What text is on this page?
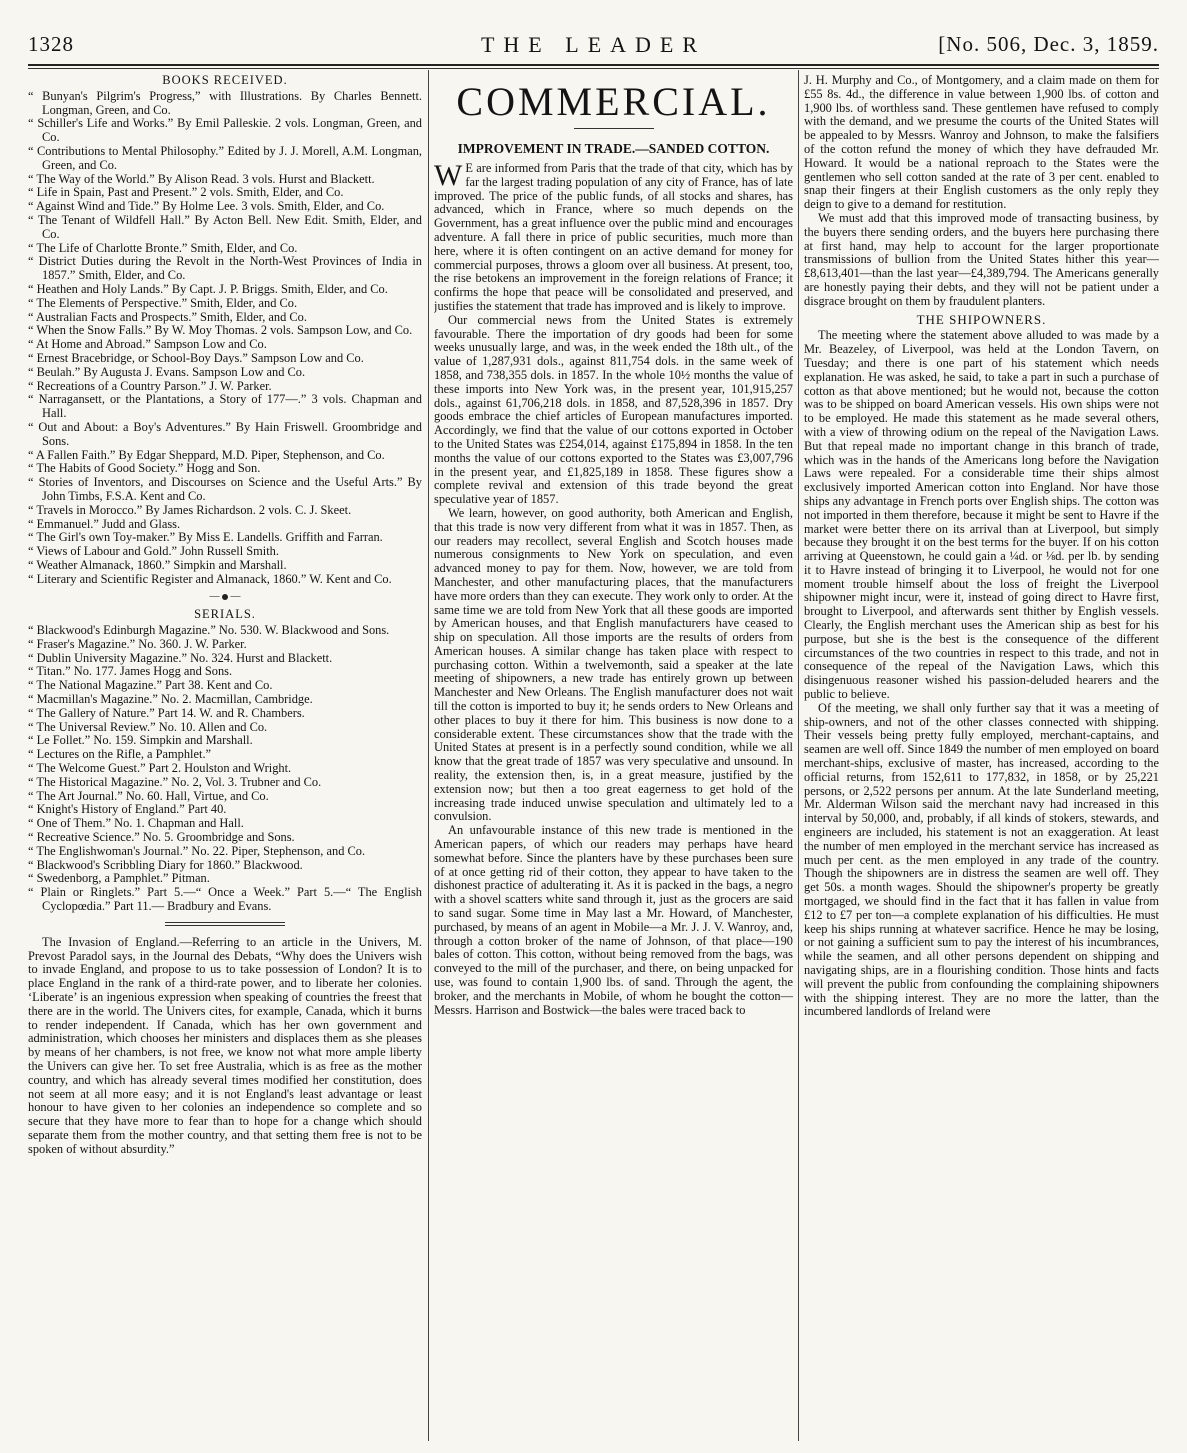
1328	THE LEADER	[No. 506, Dec. 3, 1859.
BOOKS RECEIVED.

“ Bunyan's Pilgrim's Progress,” with Illustrations. By Charles Bennett. Longman, Green, and Co.

“ Schiller's Life and Works.” By Emil Palleskie. 2 vols. Longman, Green, and Co.

“ Contributions to Mental Philosophy.” Edited by J. J. Morell, A.M. Longman, Green, and Co.

“ The Way of the World.” By Alison Read. 3 vols. Hurst and Blackett.

“ Life in Spain, Past and Present.” 2 vols. Smith, Elder, and Co.

“ Against Wind and Tide.” By Holme Lee. 3 vols. Smith, Elder, and Co.

“ The Tenant of Wildfell Hall.” By Acton Bell. New Edit. Smith, Elder, and Co.

“ The Life of Charlotte Bronte.” Smith, Elder, and Co.

“ District Duties during the Revolt in the North-West Provinces of India in 1857.” Smith, Elder, and Co.

“ Heathen and Holy Lands.” By Capt. J. P. Briggs. Smith, Elder, and Co.

“ The Elements of Perspective.” Smith, Elder, and Co.

“ Australian Facts and Prospects.” Smith, Elder, and Co.

“ When the Snow Falls.” By W. Moy Thomas. 2 vols. Sampson Low, and Co.

“ At Home and Abroad.” Sampson Low and Co.

“ Ernest Bracebridge, or School-Boy Days.” Sampson Low and Co.

“ Beulah.” By Augusta J. Evans. Sampson Low and Co.

“ Recreations of a Country Parson.” J. W. Parker.

“ Narragansett, or the Plantations, a Story of 177—.” 3 vols. Chapman and Hall.

“ Out and About: a Boy's Adventures.” By Hain Friswell. Groombridge and Sons.

“ A Fallen Faith.” By Edgar Sheppard, M.D. Piper, Stephenson, and Co.

“ The Habits of Good Society.” Hogg and Son.

“ Stories of Inventors, and Discourses on Science and the Useful Arts.” By John Timbs, F.S.A. Kent and Co.

“ Travels in Morocco.” By James Richardson. 2 vols. C. J. Skeet.

“ Emmanuel.” Judd and Glass.

“ The Girl's own Toy-maker.” By Miss E. Landells. Griffith and Farran.

“ Views of Labour and Gold.” John Russell Smith.

“ Weather Almanack, 1860.” Simpkin and Marshall.

“ Literary and Scientific Register and Almanack, 1860.” W. Kent and Co.

—  —
SERIALS.

“ Blackwood's Edinburgh Magazine.” No. 530. W. Blackwood and Sons.

“ Fraser's Magazine.” No. 360. J. W. Parker.

“ Dublin University Magazine.” No. 324. Hurst and Blackett.

“ Titan.” No. 177. James Hogg and Sons.

“ The National Magazine.” Part 38. Kent and Co.

“ Macmillan's Magazine.” No. 2. Macmillan, Cambridge.

“ The Gallery of Nature.” Part 14. W. and R. Chambers.

“ The Universal Review.” No. 10. Allen and Co.

“ Le Follet.” No. 159. Simpkin and Marshall.

“ Lectures on the Rifle, a Pamphlet.”

“ The Welcome Guest.” Part 2. Houlston and Wright.

“ The Historical Magazine.” No. 2, Vol. 3. Trubner and Co.

“ The Art Journal.” No. 60. Hall, Virtue, and Co.

“ Knight's History of England.” Part 40.

“ One of Them.” No. 1. Chapman and Hall.

“ Recreative Science.” No. 5. Groombridge and Sons.

“ The Englishwoman's Journal.” No. 22. Piper, Stephenson, and Co.

“ Blackwood's Scribbling Diary for 1860.” Blackwood.

“ Swedenborg, a Pamphlet.” Pitman.

“ Plain or Ringlets.” Part 5.—“ Once a Week.” Part 5.—“ The English Cyclopœdia.” Part 11.— Bradbury and Evans.

The Invasion of England.—Referring to an article in the Univers, M. Prevost Paradol says, in the Journal des Debats, “Why does the Univers wish to invade England, and propose to us to take possession of London? It is to place England in the rank of a third-rate power, and to liberate her colonies. ‘Liberate’ is an ingenious expression when speaking of countries the freest that there are in the world. The Univers cites, for example, Canada, which it burns to render independent. If Canada, which has her own government and administration, which chooses her ministers and displaces them as she pleases by means of her chambers, is not free, we know not what more ample liberty the Univers can give her. To set free Australia, which is as free as the mother country, and which has already several times modified her constitution, does not seem at all more easy; and it is not England's least advantage or least honour to have given to her colonies an independence so complete and so secure that they have more to fear than to hope for a change which should separate them from the mother country, and that setting them free is not to be spoken of without absurdity.”

COMMERCIAL.
IMPROVEMENT IN TRADE.—SANDED COTTON.

W E are informed from Paris that the trade of that city, which has by far the largest trading population of any city of France, has of late improved. The price of the public funds, of all stocks and shares, has advanced, which in France, where so much depends on the Government, has a great influence over the public mind and encourages adventure. A fall there in price of public securities, much more than here, where it is often contingent on an active demand for money for commercial purposes, throws a gloom over all business. At present, too, the rise betokens an improvement in the foreign relations of France; it confirms the hope that peace will be consolidated and preserved, and justifies the statement that trade has improved and is likely to improve.

Our commercial news from the United States is extremely favourable. There the importation of dry goods had been for some weeks unusually large, and was, in the week ended the 18th ult., of the value of 1,287,931 dols., against 811,754 dols. in the same week of 1858, and 738,355 dols. in 1857. In the whole 10½ months the value of these imports into New York was, in the present year, 101,915,257 dols., against 61,706,218 dols. in 1858, and 87,528,396 in 1857. Dry goods embrace the chief articles of European manufactures imported. Accordingly, we find that the value of our cottons exported in October to the United States was £254,014, against £175,894 in 1858. In the ten months the value of our cottons exported to the States was £3,007,796 in the present year, and £1,825,189 in 1858. These figures show a complete revival and extension of this trade beyond the great speculative year of 1857.

We learn, however, on good authority, both American and English, that this trade is now very different from what it was in 1857. Then, as our readers may recollect, several English and Scotch houses made numerous consignments to New York on speculation, and even advanced money to pay for them. Now, however, we are told from Manchester, and other manufacturing places, that the manufacturers have more orders than they can execute. They work only to order. At the same time we are told from New York that all these goods are imported by American houses, and that English manufacturers have ceased to ship on speculation. All those imports are the results of orders from American houses. A similar change has taken place with respect to purchasing cotton. Within a twelvemonth, said a speaker at the late meeting of shipowners, a new trade has entirely grown up between Manchester and New Orleans. The English manufacturer does not wait till the cotton is imported to buy it; he sends orders to New Orleans and other places to buy it there for him. This business is now done to a considerable extent. These circumstances show that the trade with the United States at present is in a perfectly sound condition, while we all know that the great trade of 1857 was very speculative and unsound. In reality, the extension then, is, in a great measure, justified by the extension now; but then a too great eagerness to get hold of the increasing trade induced unwise speculation and ultimately led to a convulsion.

An unfavourable instance of this new trade is mentioned in the American papers, of which our readers may perhaps have heard somewhat before. Since the planters have by these purchases been sure of at once getting rid of their cotton, they appear to have taken to the dishonest practice of adulterating it. As it is packed in the bags, a negro with a shovel scatters white sand through it, just as the grocers are said to sand sugar. Some time in May last a Mr. Howard, of Manchester, purchased, by means of an agent in Mobile—a Mr. J. J. V. Wanroy, and, through a cotton broker of the name of Johnson, of that place—190 bales of cotton. This cotton, without being removed from the bags, was conveyed to the mill of the purchaser, and there, on being unpacked for use, was found to contain 1,900 lbs. of sand. Through the agent, the broker, and the merchants in Mobile, of whom he bought the cotton—Messrs. Harrison and Bostwick—the bales were traced back to

J. H. Murphy and Co., of Montgomery, and a claim made on them for £55 8s. 4d., the difference in value between 1,900 lbs. of cotton and 1,900 lbs. of worthless sand. These gentlemen have refused to comply with the demand, and we presume the courts of the United States will be appealed to by Messrs. Wanroy and Johnson, to make the falsifiers of the cotton refund the money of which they have defrauded Mr. Howard. It would be a national reproach to the States were the gentlemen who sell cotton sanded at the rate of 3 per cent. enabled to snap their fingers at their English customers as the only reply they deign to give to a demand for restitution.

We must add that this improved mode of transacting business, by the buyers there sending orders, and the buyers here purchasing there at first hand, may help to account for the larger proportionate transmissions of bullion from the United States hither this year—£8,613,401—than the last year—£4,389,794. The Americans generally are honestly paying their debts, and they will not be patient under a disgrace brought on them by fraudulent planters.

THE SHIPOWNERS.

The meeting where the statement above alluded to was made by a Mr. Beazeley, of Liverpool, was held at the London Tavern, on Tuesday; and there is one part of his statement which needs explanation. He was asked, he said, to take a part in such a purchase of cotton as that above mentioned; but he would not, because the cotton was to be shipped on board American vessels. His own ships were not to be employed. He made this statement as he made several others, with a view of throwing odium on the repeal of the Navigation Laws. But that repeal made no important change in this branch of trade, which was in the hands of the Americans long before the Navigation Laws were repealed. For a considerable time their ships almost exclusively imported American cotton into England. Nor have those ships any advantage in French ports over English ships. The cotton was not imported in them therefore, because it might be sent to Havre if the market were better there on its arrival than at Liverpool, but simply because they brought it on the best terms for the buyer. If on his cotton arriving at Queenstown, he could gain a ¼d. or ⅛d. per lb. by sending it to Havre instead of bringing it to Liverpool, he would not for one moment trouble himself about the loss of freight the Liverpool shipowner might incur, were it, instead of going direct to Havre first, brought to Liverpool, and afterwards sent thither by English vessels. Clearly, the English merchant uses the American ship as best for his purpose, but she is the best is the consequence of the different circumstances of the two countries in respect to this trade, and not in consequence of the repeal of the Navigation Laws, which this disingenuous reasoner wished his passion-deluded hearers and the public to believe.

Of the meeting, we shall only further say that it was a meeting of ship-owners, and not of the other classes connected with shipping. Their vessels being pretty fully employed, merchant-captains, and seamen are well off. Since 1849 the number of men employed on board merchant-ships, exclusive of master, has increased, according to the official returns, from 152,611 to 177,832, in 1858, or by 25,221 persons, or 2,522 persons per annum. At the late Sunderland meeting, Mr. Alderman Wilson said the merchant navy had increased in this interval by 50,000, and, probably, if all kinds of stokers, stewards, and engineers are included, his statement is not an exaggeration. At least the number of men employed in the merchant service has increased as much per cent. as the men employed in any trade of the country. Though the shipowners are in distress the seamen are well off. They get 50s. a month wages. Should the shipowner's property be greatly mortgaged, we should find in the fact that it has fallen in value from £12 to £7 per ton—a complete explanation of his difficulties. He must keep his ships running at whatever sacrifice. Hence he may be losing, or not gaining a sufficient sum to pay the interest of his incumbrances, while the seamen, and all other persons dependent on shipping and navigating ships, are in a flourishing condition. Those hints and facts will prevent the public from confounding the complaining shipowners with the shipping interest. They are no more the latter, than the incumbered landlords of Ireland were
